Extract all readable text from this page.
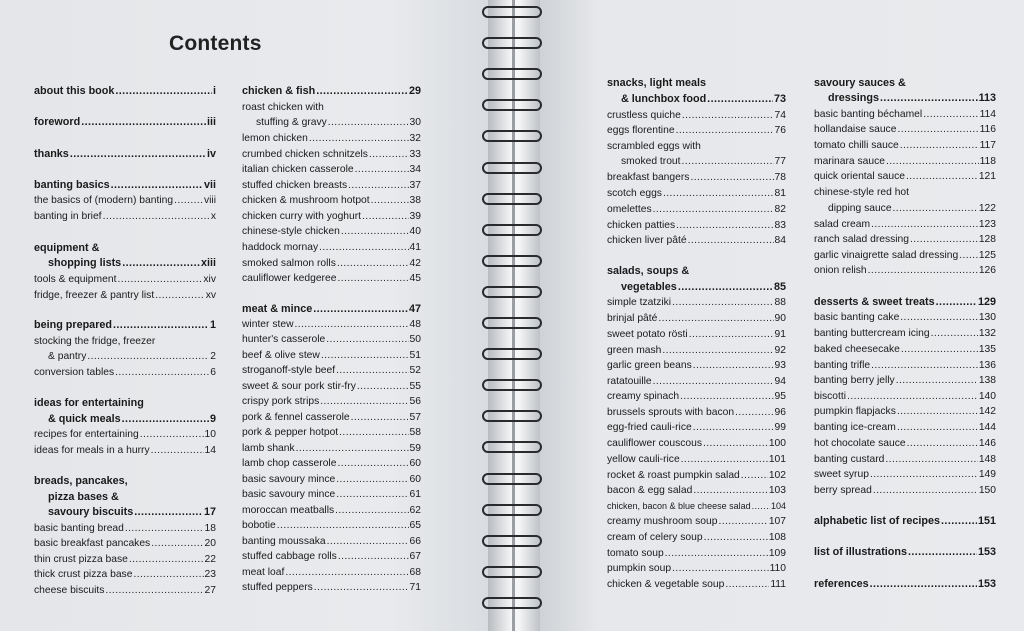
Contents
about this book .....	i
foreword .....	iii
thanks .....	iv
banting basics .....	vii
the basics of (modern) banting .....	viii
banting in brief .....	x
equipment &
shopping lists .....	xiii
tools & equipment .....	xiv
fridge, freezer & pantry list .....	xv
being prepared .....	1
stocking the fridge, freezer
& pantry .....	2
conversion tables .....	6
ideas for entertaining
& quick meals .....	9
recipes for entertaining .....	10
ideas for meals in a hurry .....	14
breads, pancakes,
pizza bases &
savoury biscuits .....	17
basic banting bread .....	18
basic breakfast pancakes .....	20
thin crust pizza base .....	22
thick crust pizza base .....	23
cheese biscuits .....	27
chicken & fish .....	29
roast chicken with
stuffing & gravy .....	30
lemon chicken .....	32
crumbed chicken schnitzels .....	33
italian chicken casserole .....	34
stuffed chicken breasts .....	37
chicken & mushroom hotpot .....	38
chicken curry with yoghurt .....	39
chinese-style chicken .....	40
haddock mornay .....	41
smoked salmon rolls .....	42
cauliflower kedgeree .....	45
meat & mince .....	47
winter stew .....	48
hunter's casserole .....	50
beef & olive stew .....	51
stroganoff-style beef .....	52
sweet & sour pork stir-fry .....	55
crispy pork strips .....	56
pork & fennel casserole .....	57
pork & pepper hotpot .....	58
lamb shank .....	59
lamb chop casserole .....	60
basic savoury mince .....	60
basic savoury mince .....	61
moroccan meatballs .....	62
bobotie .....	65
banting moussaka .....	66
stuffed cabbage rolls .....	67
meat loaf .....	68
stuffed peppers .....	71
snacks, light meals
& lunchbox food .....	73
crustless quiche .....	74
eggs florentine .....	76
scrambled eggs with
smoked trout .....	77
breakfast bangers .....	78
scotch eggs .....	81
omelettes .....	82
chicken patties .....	83
chicken liver pâté .....	84
salads, soups &
vegetables .....	85
simple tzatziki .....	88
brinjal pâté .....	90
sweet potato rösti .....	91
green mash .....	92
garlic green beans .....	93
ratatouille .....	94
creamy spinach .....	95
brussels sprouts with bacon .....	96
egg-fried cauli-rice .....	99
cauliflower couscous .....	100
yellow cauli-rice .....	101
rocket & roast pumpkin salad .....	102
bacon & egg salad .....	103
chicken, bacon & blue cheese salad ..... 104
creamy mushroom soup .....	107
cream of celery soup .....	108
tomato soup .....	109
pumpkin soup .....	110
chicken & vegetable soup .....	111
savoury sauces &
dressings .....	113
basic banting béchamel .....	114
hollandaise sauce .....	116
tomato chilli sauce .....	117
marinara sauce .....	118
quick oriental sauce .....	121
chinese-style red hot
dipping sauce .....	122
salad cream .....	123
ranch salad dressing .....	128
garlic vinaigrette salad dressing ..... 125
onion relish .....	126
desserts & sweet treats .....	129
basic banting cake .....	130
banting buttercream icing .....	132
baked cheesecake .....	135
banting trifle .....	136
banting berry jelly .....	138
biscotti .....	140
pumpkin flapjacks .....	142
banting ice-cream .....	144
hot chocolate sauce .....	146
banting custard .....	148
sweet syrup .....	149
berry spread .....	150
alphabetic list of recipes .....	151
list of illustrations .....	153
references .....	153
